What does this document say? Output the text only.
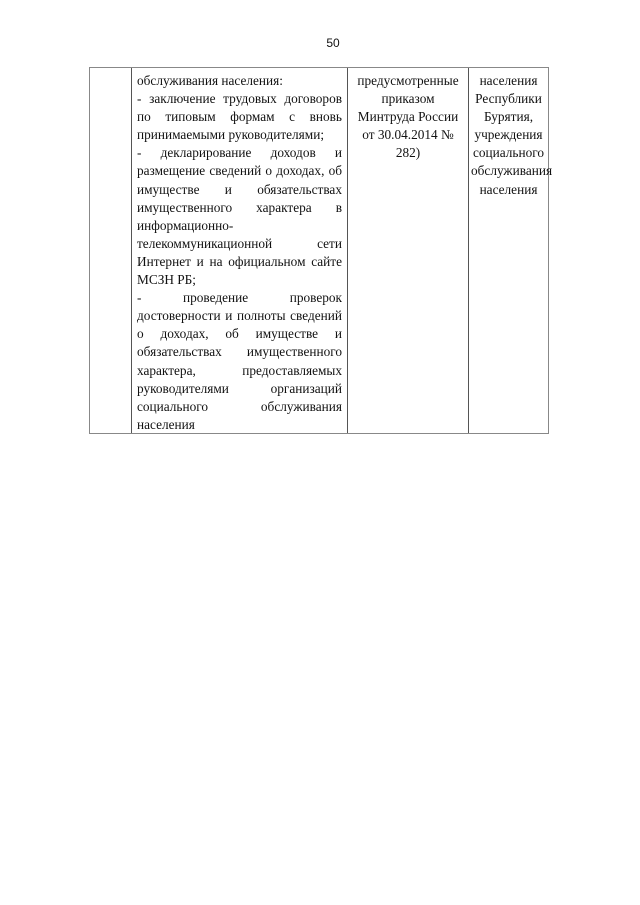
50
обслуживания населения:
- заключение трудовых договоров
по типовым формам с вновь
принимаемыми руководителями;
- декларирование доходов и
размещение сведений о доходах, об
имуществе и обязательствах
имущественного характера в
информационно-
телекоммуникационной сети
Интернет и на официальном сайте
МСЗН РБ;
- проведение проверок
достоверности и полноты сведений
о доходах, об имуществе и
обязательствах имущественного
характера, предоставляемых
руководителями организаций
социального обслуживания
населения
предусмотренные
приказом
Минтруда России
от 30.04.2014 №
282)
населения
Республики
Бурятия,
учреждения
социального
обслуживания
населения
